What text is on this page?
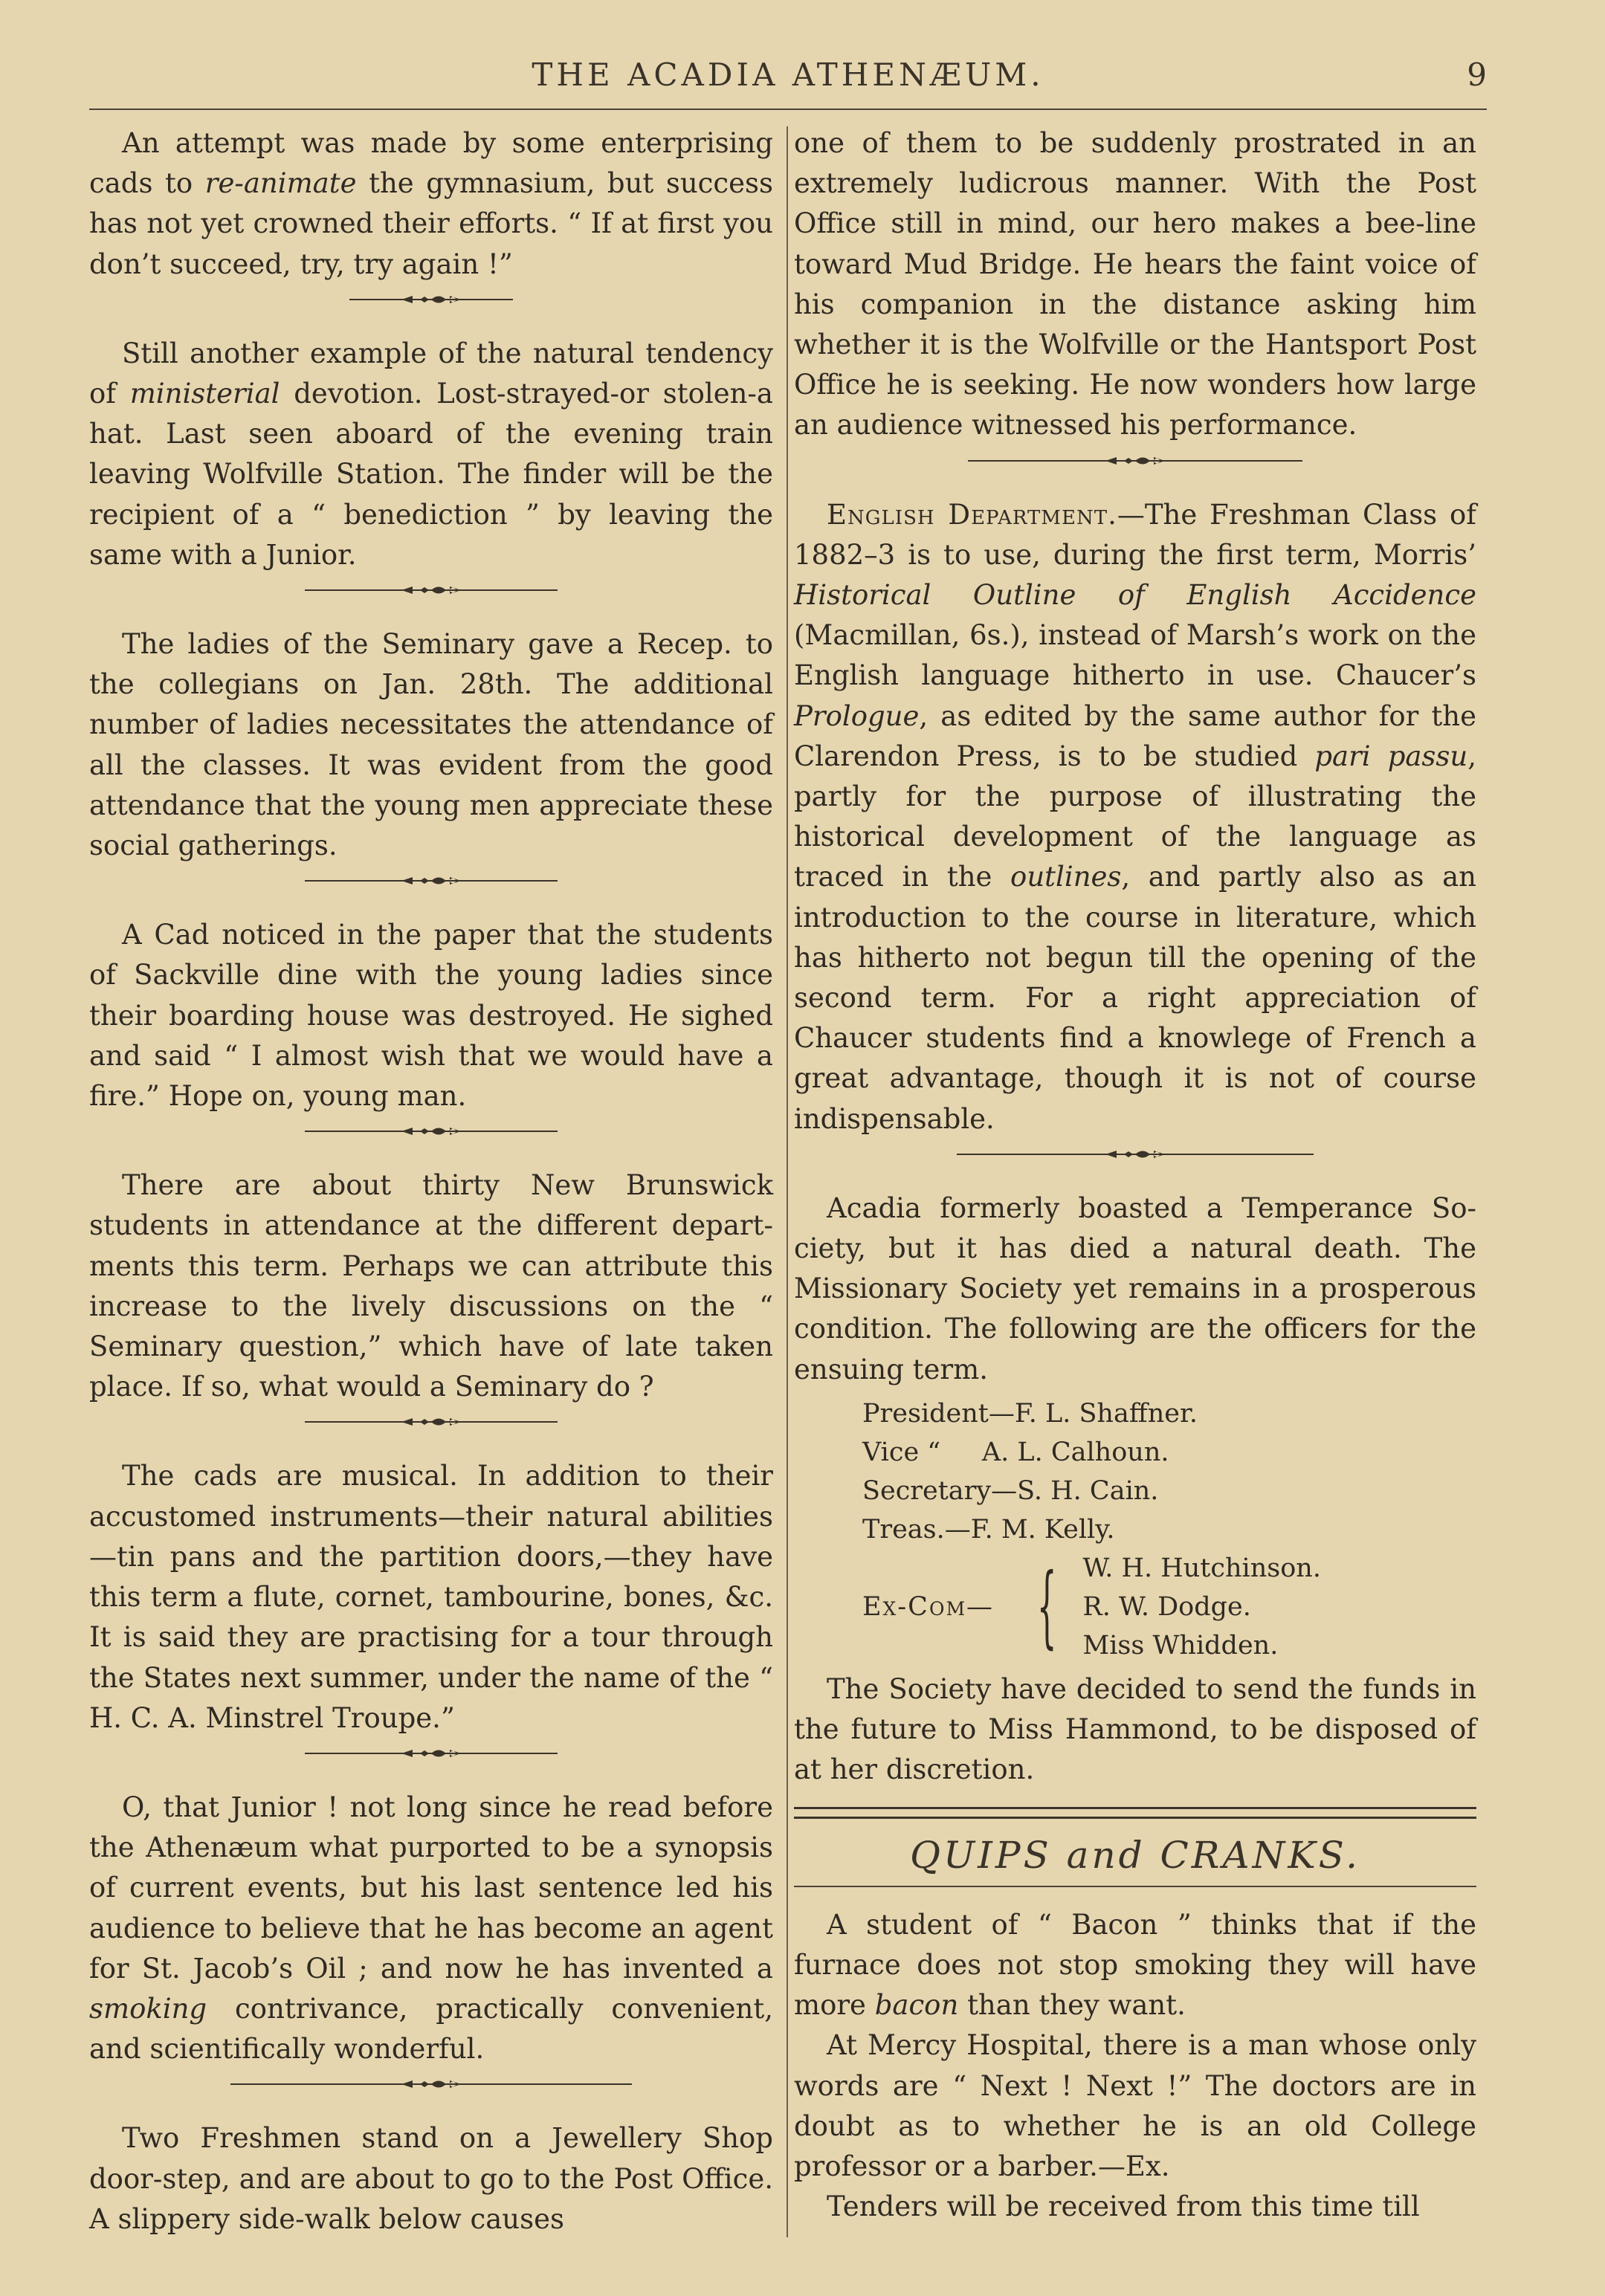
THE ACADIA ATHENÆUM.	9

An attempt was made by some enterprising cads to re-animate the gymnasium, but success has not yet crowned their efforts. “ If at first you don’t succeed, try, try again !”

Still another example of the natural tendency of ministerial devotion. Lost-strayed-or stolen-a hat. Last seen aboard of the evening train leaving Wolfville Station. The finder will be the recipient of a “ benediction ” by leaving the same with a Junior.

The ladies of the Seminary gave a Recep. to the collegians on Jan. 28th. The additional number of ladies necessitates the attendance of all the classes. It was evident from the good attendance that the young men appreciate these social gatherings.

A Cad noticed in the paper that the students of Sackville dine with the young ladies since their boarding house was destroyed. He sighed and said “ I almost wish that we would have a fire.” Hope on, young man.

There are about thirty New Brunswick students in attendance at the different departments this term. Perhaps we can attribute this increase to the lively discussions on the “ Seminary question,” which have of late taken place. If so, what would a Seminary do ?

The cads are musical. In addition to their accustomed instruments—their natural abilities—tin pans and the partition doors,—they have this term a flute, cornet, tambourine, bones, &c. It is said they are practising for a tour through the States next summer, under the name of the “ H. C. A. Minstrel Troupe.”

O, that Junior ! not long since he read before the Athenæum what purported to be a synopsis of current events, but his last sentence led his audience to believe that he has become an agent for St. Jacob’s Oil ; and now he has invented a smoking contrivance, practically convenient, and scientifically wonderful.

Two Freshmen stand on a Jewellery Shop door-step, and are about to go to the Post Office. A slippery side-walk below causes

one of them to be suddenly prostrated in an extremely ludicrous manner. With the Post Office still in mind, our hero makes a bee-line toward Mud Bridge. He hears the faint voice of his companion in the distance asking him whether it is the Wolfville or the Hantsport Post Office he is seeking. He now wonders how large an audience witnessed his performance.

English Department.—The Freshman Class of 1882–3 is to use, during the first term, Morris’ Historical Outline of English Accidence (Macmillan, 6s.), instead of Marsh’s work on the English language hitherto in use. Chaucer’s Prologue, as edited by the same author for the Clarendon Press, is to be studied pari passu, partly for the purpose of illustrating the historical development of the language as traced in the outlines, and partly also as an introduction to the course in literature, which has hitherto not begun till the opening of the second term. For a right appreciation of Chaucer students find a knowlege of French a great advantage, though it is not of course indispensable.

Acadia formerly boasted a Temperance Society, but it has died a natural death. The Missionary Society yet remains in a prosperous condition. The following are the officers for the ensuing term.

President—F. L. Shaffner.
Vice “     A. L. Calhoun.
Secretary—S. H. Cain.
Treas.—F. M. Kelly.
Ex-Com— { W. H. Hutchinson.
R. W. Dodge.
Miss Whidden.

The Society have decided to send the funds in the future to Miss Hammond, to be disposed of at her discretion.

QUIPS and CRANKS.

A student of “ Bacon ” thinks that if the furnace does not stop smoking they will have more bacon than they want.

At Mercy Hospital, there is a man whose only words are “ Next ! Next !” The doctors are in doubt as to whether he is an old College professor or a barber.—Ex.

Tenders will be received from this time till
